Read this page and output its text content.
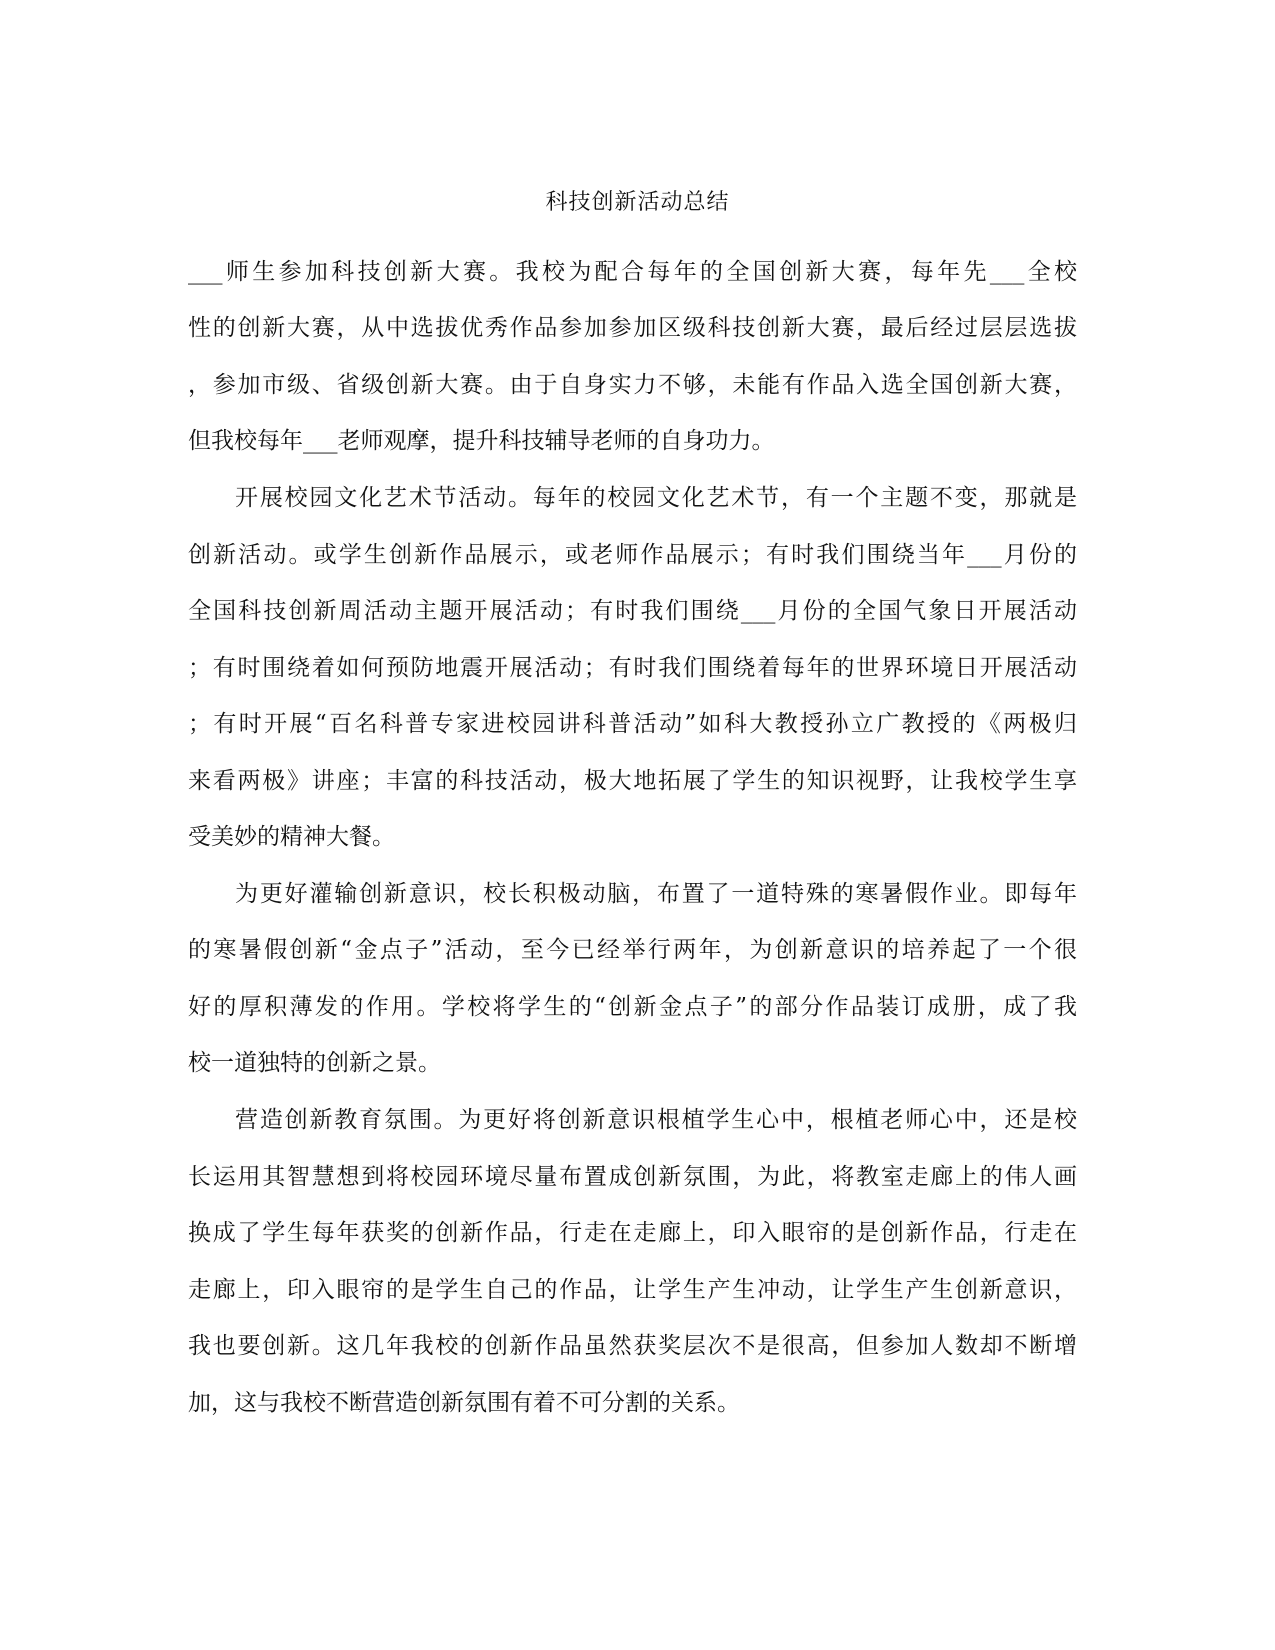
科技创新活动总结
___师生参加科技创新大赛。我校为配合每年的全国创新大赛，每年先___全校
性的创新大赛，从中选拔优秀作品参加参加区级科技创新大赛，最后经过层层选拔
，参加市级、省级创新大赛。由于自身实力不够，未能有作品入选全国创新大赛，
但我校每年___老师观摩，提升科技辅导老师的自身功力。
开展校园文化艺术节活动。每年的校园文化艺术节，有一个主题不变，那就是
创新活动。或学生创新作品展示，或老师作品展示；有时我们围绕当年___月份的
全国科技创新周活动主题开展活动；有时我们围绕___月份的全国气象日开展活动
；有时围绕着如何预防地震开展活动；有时我们围绕着每年的世界环境日开展活动
；有时开展“百名科普专家进校园讲科普活动”如科大教授孙立广教授的《两极归
来看两极》讲座；丰富的科技活动，极大地拓展了学生的知识视野，让我校学生享
受美妙的精神大餐。
为更好灌输创新意识，校长积极动脑，布置了一道特殊的寒暑假作业。即每年
的寒暑假创新“金点子”活动，至今已经举行两年，为创新意识的培养起了一个很
好的厚积薄发的作用。学校将学生的“创新金点子”的部分作品装订成册，成了我
校一道独特的创新之景。
营造创新教育氛围。为更好将创新意识根植学生心中，根植老师心中，还是校
长运用其智慧想到将校园环境尽量布置成创新氛围，为此，将教室走廊上的伟人画
换成了学生每年获奖的创新作品，行走在走廊上，印入眼帘的是创新作品，行走在
走廊上，印入眼帘的是学生自己的作品，让学生产生冲动，让学生产生创新意识，
我也要创新。这几年我校的创新作品虽然获奖层次不是很高，但参加人数却不断增
加，这与我校不断营造创新氛围有着不可分割的关系。
